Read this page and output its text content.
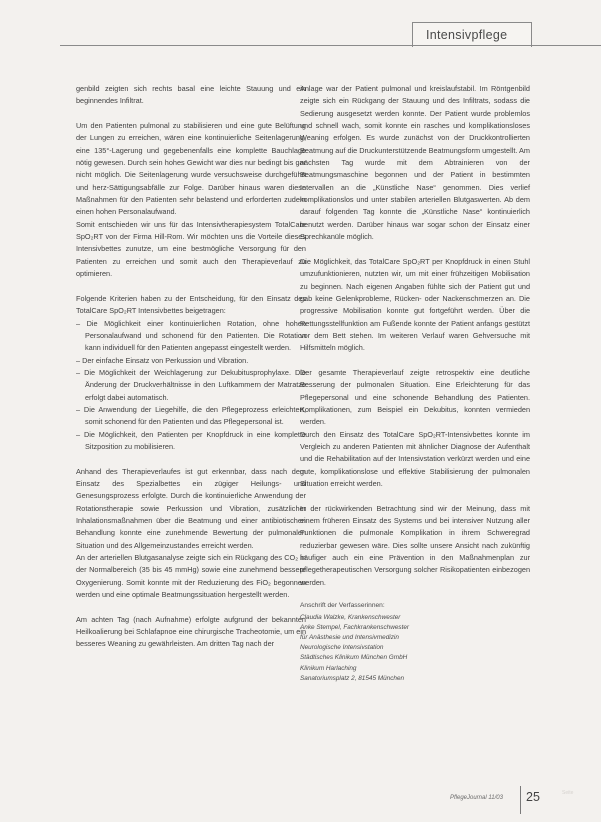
Intensivpflege

genbild zeigten sich rechts basal eine leichte Stauung und ein beginnendes Infiltrat.

Um den Patienten pulmonal zu stabilisieren und eine gute Belüftung der Lungen zu erreichen, wären eine kontinuierliche Seitenlagerung, eine 135°-Lagerung und gegebenenfalls eine komplette Bauchlage nötig gewesen. Durch sein hohes Gewicht war dies nur bedingt bis gar nicht möglich. Die Seitenlagerung wurde versuchsweise durchgeführt und herz-Sättigungsabfälle zur Folge. Darüber hinaus waren diese Maßnahmen für den Patienten sehr belastend und erforderten zudem einen hohen Personalaufwand.

Somit entschieden wir uns für das Intensivtherapiesystem TotalCare SpO₂RT von der Firma Hill-Rom. Wir möchten uns die Vorteile dieses Intensivbettes zunutze, um eine bestmögliche Versorgung für den Patienten zu erreichen und somit auch den Therapieverlauf zu optimieren.

Folgende Kriterien haben zu der Entscheidung, für den Einsatz des TotalCare SpO₂RT Intensivbettes beigetragen:

– Die Möglichkeit einer kontinuierlichen Rotation, ohne hohen Personalaufwand und schonend für den Patienten. Die Rotation kann individuell für den Patienten angepasst eingestellt werden.
– Der einfache Einsatz von Perkussion und Vibration.
– Die Möglichkeit der Weichlagerung zur Dekubitusprophylaxe. Die Änderung der Druckverhältnisse in den Luftkammern der Matratze erfolgt dabei automatisch.
– Die Anwendung der Liegehilfe, die den Pflegeprozess erleichtert, somit schonend für den Patienten und das Pflegepersonal ist.
– Die Möglichkeit, den Patienten per Knopfdruck in eine komplette Sitzposition zu mobilisieren.

Anhand des Therapieverlaufes ist gut erkennbar, dass nach dem Einsatz des Spezialbettes ein zügiger Heilungs- und Genesungsprozess erfolgte. Durch die kontinuierliche Anwendung der Rotationstherapie sowie Perkussion und Vibration, zusätzlicher Inhalationsmaßnahmen über die Beatmung und einer antibiotischen Behandlung konnte eine zunehmende Bewertung der pulmonalen Situation und des Allgemeinzustandes erreicht werden.

An der arteriellen Blutgasanalyse zeigte sich ein Rückgang des CO₂ in der Normalbereich (35 bis 45 mmHg) sowie eine zunehmend bessere Oxygenierung. Somit konnte mit der Reduzierung des FiO₂ begonnen werden und eine optimale Beatmungssituation hergestellt werden.

Am achten Tag (nach Aufnahme) erfolgte aufgrund der bekannten Heilkoalierung bei Schlafapnoe eine chirurgische Tracheotomie, um ein besseres Weaning zu gewährleisten. Am dritten Tag nach der

Anlage war der Patient pulmonal und kreislaufstabil. Im Röntgenbild zeigte sich ein Rückgang der Stauung und des Infiltrats, sodass die Sedierung ausgesetzt werden konnte. Der Patient wurde problemlos und schnell wach, somit konnte ein rasches und komplikationsloses Weaning erfolgen. Es wurde zunächst von der Druckkontrollierten Beatmung auf die Druckunterstützende Beatmungsform umgestellt. Am nächsten Tag wurde mit dem Abtrainieren von der Beatmungsmaschine begonnen und der Patient in bestimmten Intervallen an die „Künstliche Nase“ genommen. Dies verlief komplikationslos und unter stabilen arteriellen Blutgaswerten. Ab dem darauf folgenden Tag konnte die „Künstliche Nase“ kontinuierlich benutzt werden. Darüber hinaus war sogar schon der Einsatz einer Sprechkanüle möglich.

Die Möglichkeit, das TotalCare SpO₂RT per Knopfdruck in einen Stuhl umzufunktionieren, nutzten wir, um mit einer frühzeitigen Mobilisation zu beginnen. Nach eigenen Angaben fühlte sich der Patient gut und gab keine Gelenkprobleme, Rücken- oder Nackenschmerzen an. Die progressive Mobilisation konnte gut fortgeführt werden. Über die Rettungsstellfunktion am Fußende konnte der Patient anfangs gestützt vor dem Bett stehen. Im weiteren Verlauf waren Gehversuche mit Hilfsmitteln möglich.

Der gesamte Therapieverlauf zeigte retrospektiv eine deutliche Besserung der pulmonalen Situation. Eine Erleichterung für das Pflegepersonal und eine schonende Behandlung des Patienten. Komplikationen, zum Beispiel ein Dekubitus, konnten vermieden werden.

Durch den Einsatz des TotalCare SpO₂RT-Intensivbettes konnte im Vergleich zu anderen Patienten mit ähnlicher Diagnose der Aufenthalt und die Rehabilitation auf der Intensivstation verkürzt werden und eine gute, komplikationslose und effektive Stabilisierung der pulmonalen Situation erreicht werden.

In der rückwirkenden Betrachtung sind wir der Meinung, dass mit einem früheren Einsatz des Systems und bei intensiver Nutzung aller Funktionen die pulmonale Komplikation in ihrem Schweregrad reduzierbar gewesen wäre. Dies sollte unsere Ansicht nach zukünftig häufiger auch ein eine Prävention in den Maßnahmenplan zur pflegetherapeutischen Versorgung solcher Risikopatienten einbezogen werden.

Anschrift der Verfasserinnen:
Claudia Walzke, Krankenschwester
Anke Stempel, Fachkrankenschwester
für Anästhesie und Intensivmedizin
Neurologische Intensivstation
Städtisches Klinikum München GmbH
Klinikum Harlaching
Sanatoriumsplatz 2, 81545 München
PflegeJournal 11/03 25	Seite
